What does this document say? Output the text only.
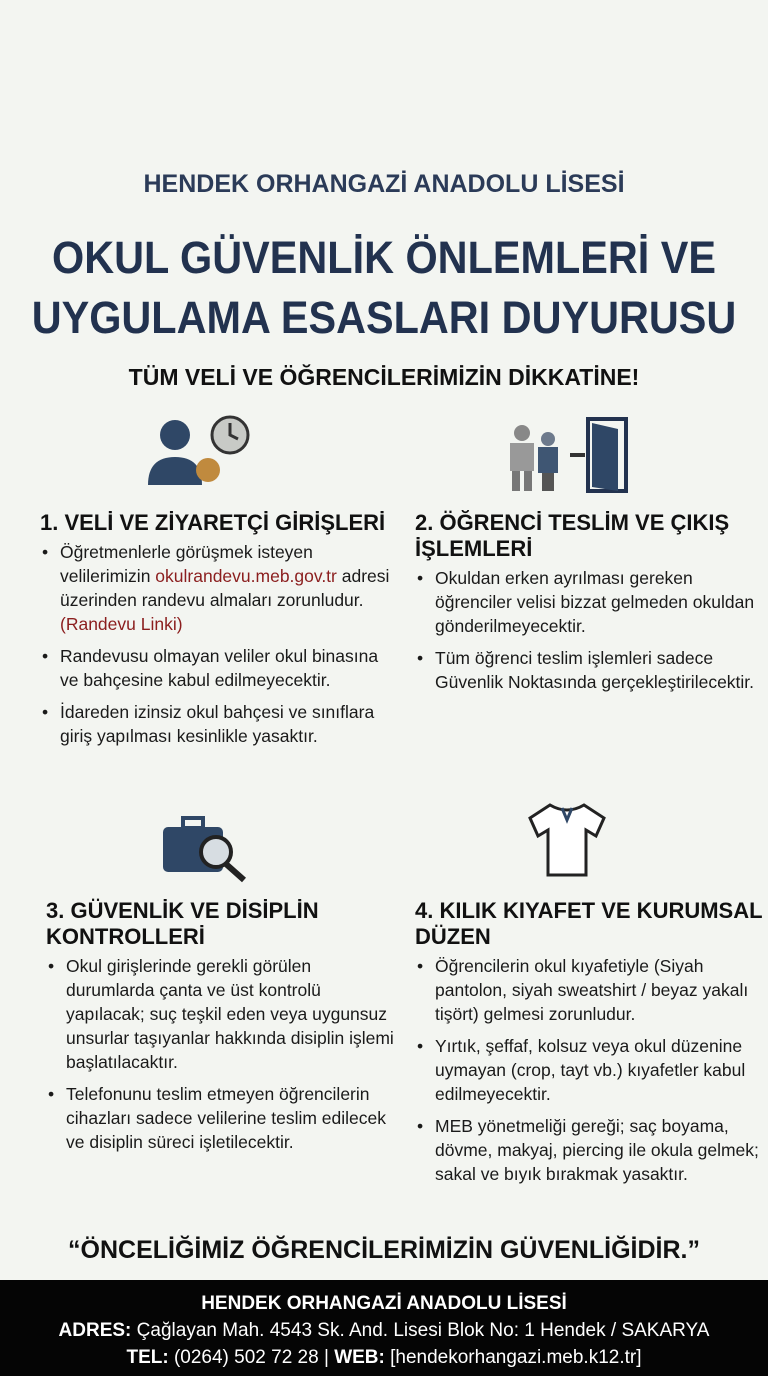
HENDEK ORHANGAZİ ANADOLU LİSESİ
OKUL GÜVENLİK ÖNLEMLERİ VE
UYGULAMA ESASLARI DUYURUSU
TÜM VELİ VE ÖĞRENCİLERİMİZİN DİKKATİNE!
1. VELİ VE ZİYARETÇİ GİRİŞLERİ
• Öğretmenlerle görüşmek isteyen velilerimizin okulrandevu.meb.gov.tr adresi üzerinden randevu almaları zorunludur. (Randevu Linki)
• Randevusu olmayan veliler okul binasına ve bahçesine kabul edilmeyecektir.
• İdareden izinsiz okul bahçesi ve sınıflara giriş yapılması kesinlikle yasaktır.
2. ÖĞRENCİ TESLİM VE ÇIKIŞ İŞLEMLERİ
• Okuldan erken ayrılması gereken öğrenciler velisi bizzat gelmeden okuldan gönderilmeyecektir.
• Tüm öğrenci teslim işlemleri sadece Güvenlik Noktasında gerçekleştirilecektir.
3. GÜVENLİK VE DİSİPLİN KONTROLLERİ
• Okul girişlerinde gerekli görülen durumlarda çanta ve üst kontrolü yapılacak; suç teşkil eden veya uygunsuz unsurlar taşıyanlar hakkında disiplin işlemi başlatılacaktır.
• Telefonunu teslim etmeyen öğrencilerin cihazları sadece velilerine teslim edilecek ve disiplin süreci işletilecektir.
4. KILIK KIYAFET VE KURUMSAL DÜZEN
• Öğrencilerin okul kıyafetiyle (Siyah pantolon, siyah sweatshirt / beyaz yakalı tişört) gelmesi zorunludur.
• Yırtık, şeffaf, kolsuz veya okul düzenine uymayan (crop, tayt vb.) kıyafetler kabul edilmeyecektir.
• MEB yönetmeliği gereği; saç boyama, dövme, makyaj, piercing ile okula gelmek; sakal ve bıyık bırakmak yasaktır.
“ÖNCELİĞİMİZ ÖĞRENCİLERİMİZİN GÜVENLİĞİDİR.”
HENDEK ORHANGAZİ ANADOLU LİSESİ
ADRES: Çağlayan Mah. 4543 Sk. And. Lisesi Blok No: 1 Hendek / SAKARYA
TEL: (0264) 502 72 28 | WEB: [hendekorhangazi.meb.k12.tr]
